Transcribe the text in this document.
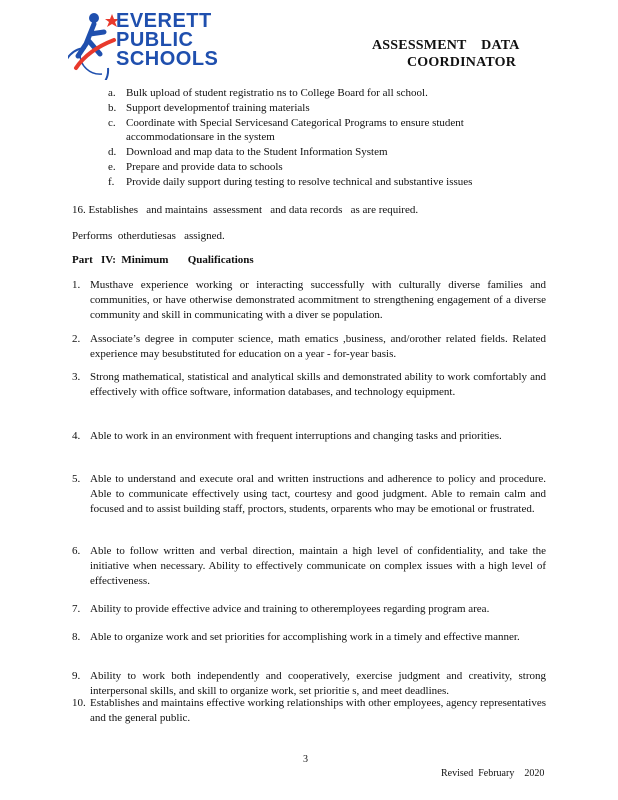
EVERETT
PUBLIC
SCHOOLS
ASSESSMENT    DATA
COORDINATOR
a. Bulk upload of student registratio ns to College Board for all school.
b. Support developmentof training materials
c. Coordinate with Special Servicesand Categorical Programs to ensure student accommodationsare in the system
d. Download and map data to the Student Information System
e. Prepare and provide data to schools
f. Provide daily support during testing to resolve technical and substantive issues
16. Establishes   and maintains  assessment   and data records   as are required.
Performs  otherdutiesas   assigned.
Part   IV:  Minimum       Qualifications
1. Musthave experience working or interacting successfully with culturally diverse families and communities, or have otherwise demonstrated acommitment to strengthening engagement of a diverse community and skill in communicating with a diver se population.
2. Associate’s degree in computer science, math ematics ,business, and/orother related fields. Related experience may besubstituted for education on a year - for-year basis.
3. Strong mathematical, statistical and analytical skills and demonstrated ability to work comfortably and effectively with office software, information databases, and technology equipment.
4. Able to work in an environment with frequent interruptions and changing tasks and priorities.
5. Able to understand and execute oral and written instructions and adherence to policy and procedure. Able to communicate effectively using tact, courtesy and good judgment. Able to remain calm and focused and to assist building staff, proctors, students, orparents who may be emotional or frustrated.
6. Able to follow written and verbal direction, maintain a high level of confidentiality, and take the initiative when necessary. Ability to effectively communicate on complex issues with a high level of effectiveness.
7. Ability to provide effective advice and training to otheremployees regarding program area.
8. Able to organize work and set priorities for accomplishing work in a timely and effective manner.
9. Ability to work both independently and cooperatively, exercise judgment and creativity, strong interpersonal skills, and skill to organize work, set prioritie s, and meet deadlines.
10. Establishes and maintains effective working relationships with other employees, agency representatives and the general public.
3
Revised  February    2020
